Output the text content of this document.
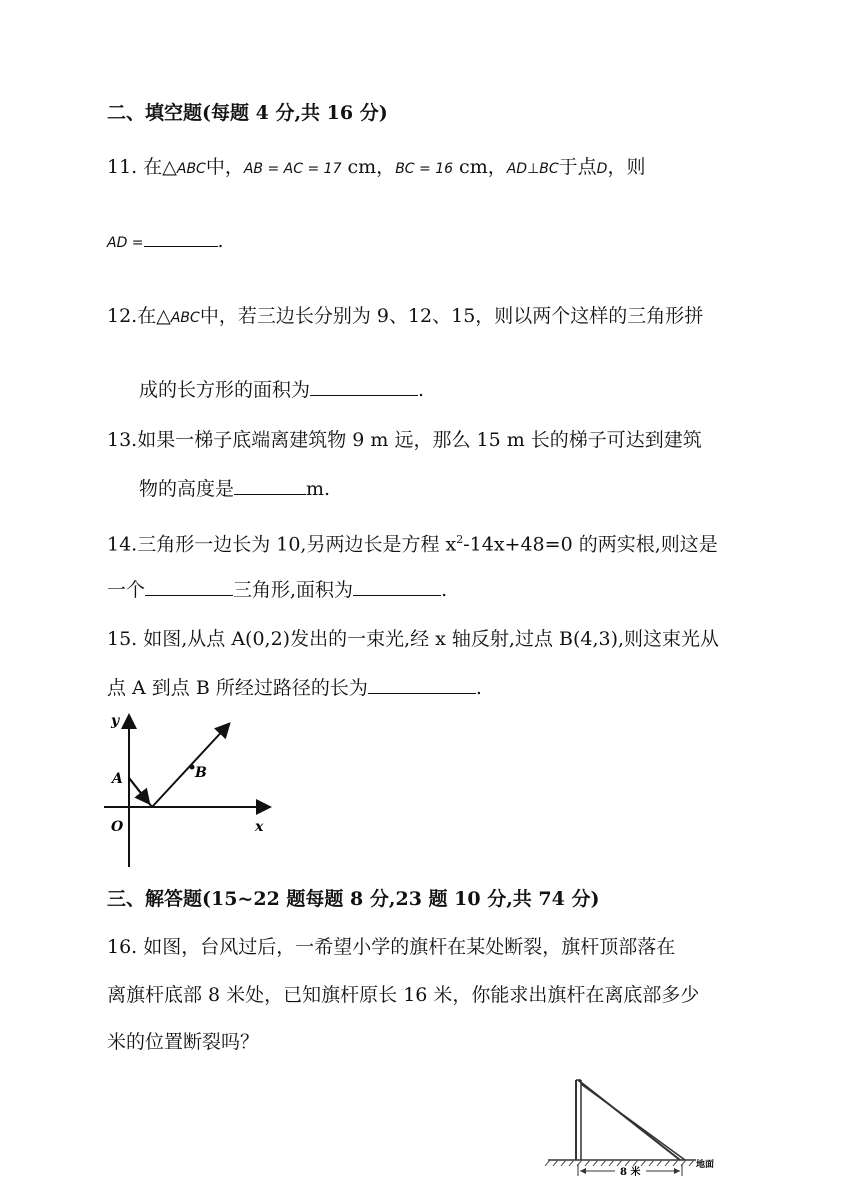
二、填空题(每题 4 分,共 16 分)
11. 在△ABC中，AB = AC = 17 cm，BC = 16 cm，AD⊥BC于点D，则
AD =	.
12.在△ABC中，若三边长分别为 9、12、15，则以两个这样的三角形拼
成的长方形的面积为	.
13.如果一梯子底端离建筑物 9 m 远，那么 15 m 长的梯子可达到建筑
物的高度是	m.
14.三角形一边长为 10,另两边长是方程 $x^2-14x+48=0$ 的两实根,则这是
一个	三角形,面积为	.
15. 如图,从点 A(0,2)发出的一束光,经 x 轴反射,过点 B(4,3),则这束光从
点 A 到点 B 所经过路径的长为	.
y
A	B
O	x
三、解答题(15~22 题每题 8 分,23 题 10 分,共 74 分)
16. 如图，台风过后，一希望小学的旗杆在某处断裂，旗杆顶部落在
离旗杆底部 8 米处，已知旗杆原长 16 米，你能求出旗杆在离底部多少
米的位置断裂吗？
8 米
地面
